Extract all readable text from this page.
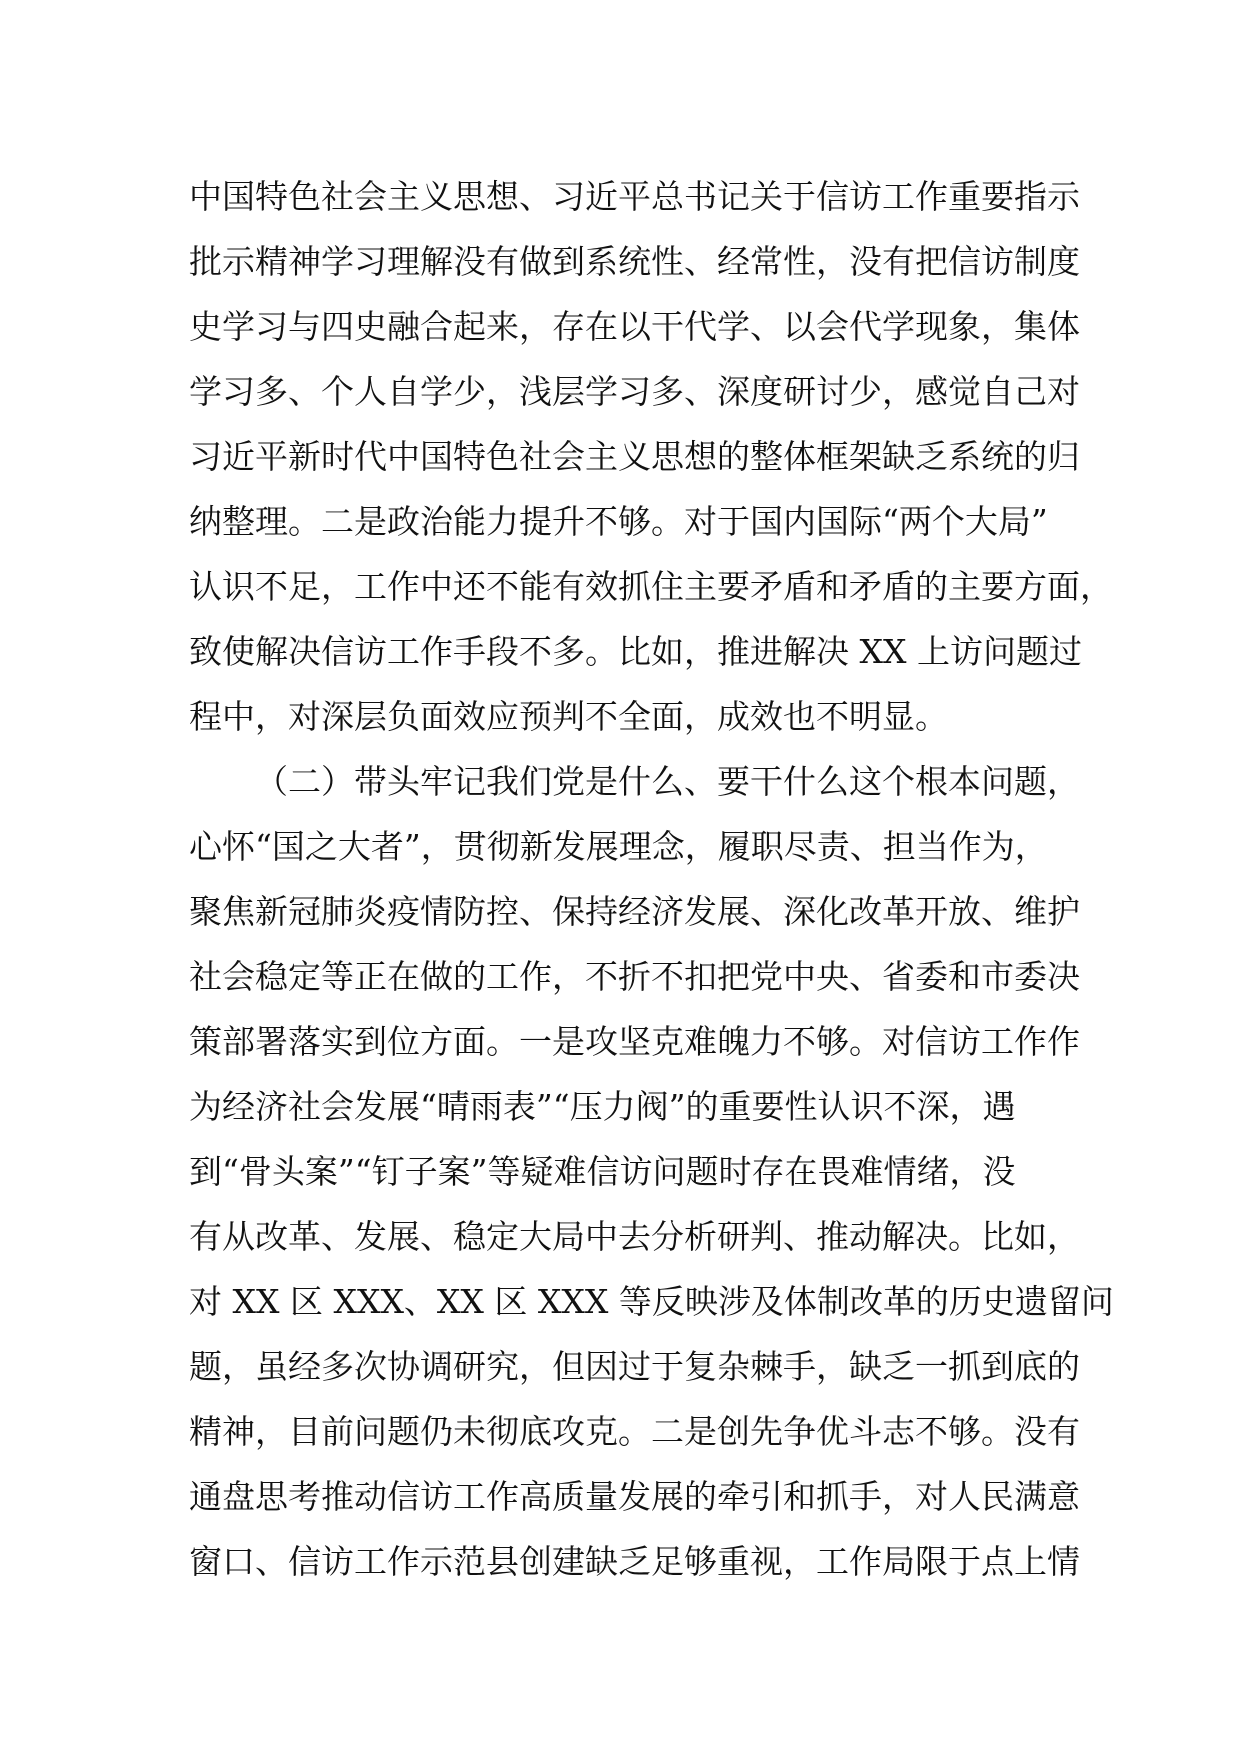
中国特色社会主义思想、习近平总书记关于信访工作重要指示
批示精神学习理解没有做到系统性、经常性，没有把信访制度
史学习与四史融合起来，存在以干代学、以会代学现象，集体
学习多、个人自学少，浅层学习多、深度研讨少，感觉自己对
习近平新时代中国特色社会主义思想的整体框架缺乏系统的归
纳整理。二是政治能力提升不够。对于国内国际“两个大局”
认识不足，工作中还不能有效抓住主要矛盾和矛盾的主要方面，
致使解决信访工作手段不多。比如，推进解决 XX 上访问题过
程中，对深层负面效应预判不全面，成效也不明显。
（二）带头牢记我们党是什么、要干什么这个根本问题，
心怀“国之大者”，贯彻新发展理念，履职尽责、担当作为，
聚焦新冠肺炎疫情防控、保持经济发展、深化改革开放、维护
社会稳定等正在做的工作，不折不扣把党中央、省委和市委决
策部署落实到位方面。一是攻坚克难魄力不够。对信访工作作
为经济社会发展“晴雨表”“压力阀”的重要性认识不深，遇
到“骨头案”“钉子案”等疑难信访问题时存在畏难情绪，没
有从改革、发展、稳定大局中去分析研判、推动解决。比如，
对 XX 区 XXX、XX 区 XXX 等反映涉及体制改革的历史遗留问
题，虽经多次协调研究，但因过于复杂棘手，缺乏一抓到底的
精神，目前问题仍未彻底攻克。二是创先争优斗志不够。没有
通盘思考推动信访工作高质量发展的牵引和抓手，对人民满意
窗口、信访工作示范县创建缺乏足够重视，工作局限于点上情
